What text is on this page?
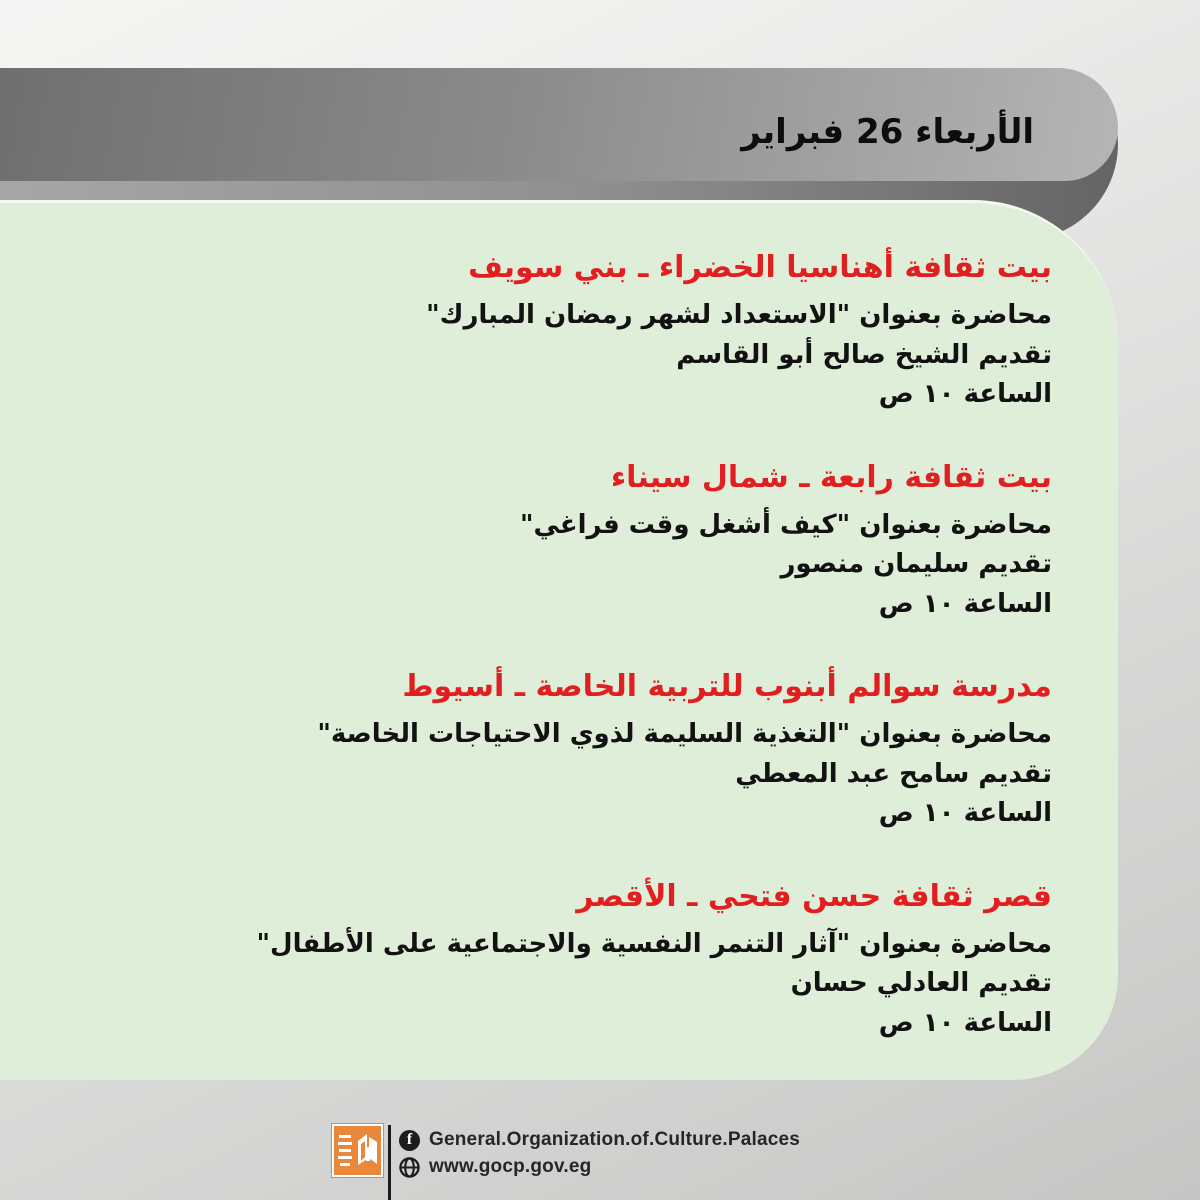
الأربعاء 26 فبراير
بيت ثقافة أهناسيا الخضراء ـ بني سويف

محاضرة بعنوان "الاستعداد لشهر رمضان المبارك"

تقديم الشيخ صالح أبو القاسم

الساعة ١٠ ص

بيت ثقافة رابعة ـ شمال سيناء

محاضرة بعنوان "كيف أشغل وقت فراغي"

تقديم سليمان منصور

الساعة ١٠ ص

مدرسة سوالم أبنوب للتربية الخاصة ـ أسيوط

محاضرة بعنوان "التغذية السليمة لذوي الاحتياجات الخاصة"

تقديم سامح عبد المعطي

الساعة ١٠ ص

قصر ثقافة حسن فتحي ـ الأقصر

محاضرة بعنوان "آثار التنمر النفسية والاجتماعية على الأطفال"

تقديم العادلي حسان

الساعة ١٠ ص

f General.Organization.of.Culture.Palaces
www.gocp.gov.eg
